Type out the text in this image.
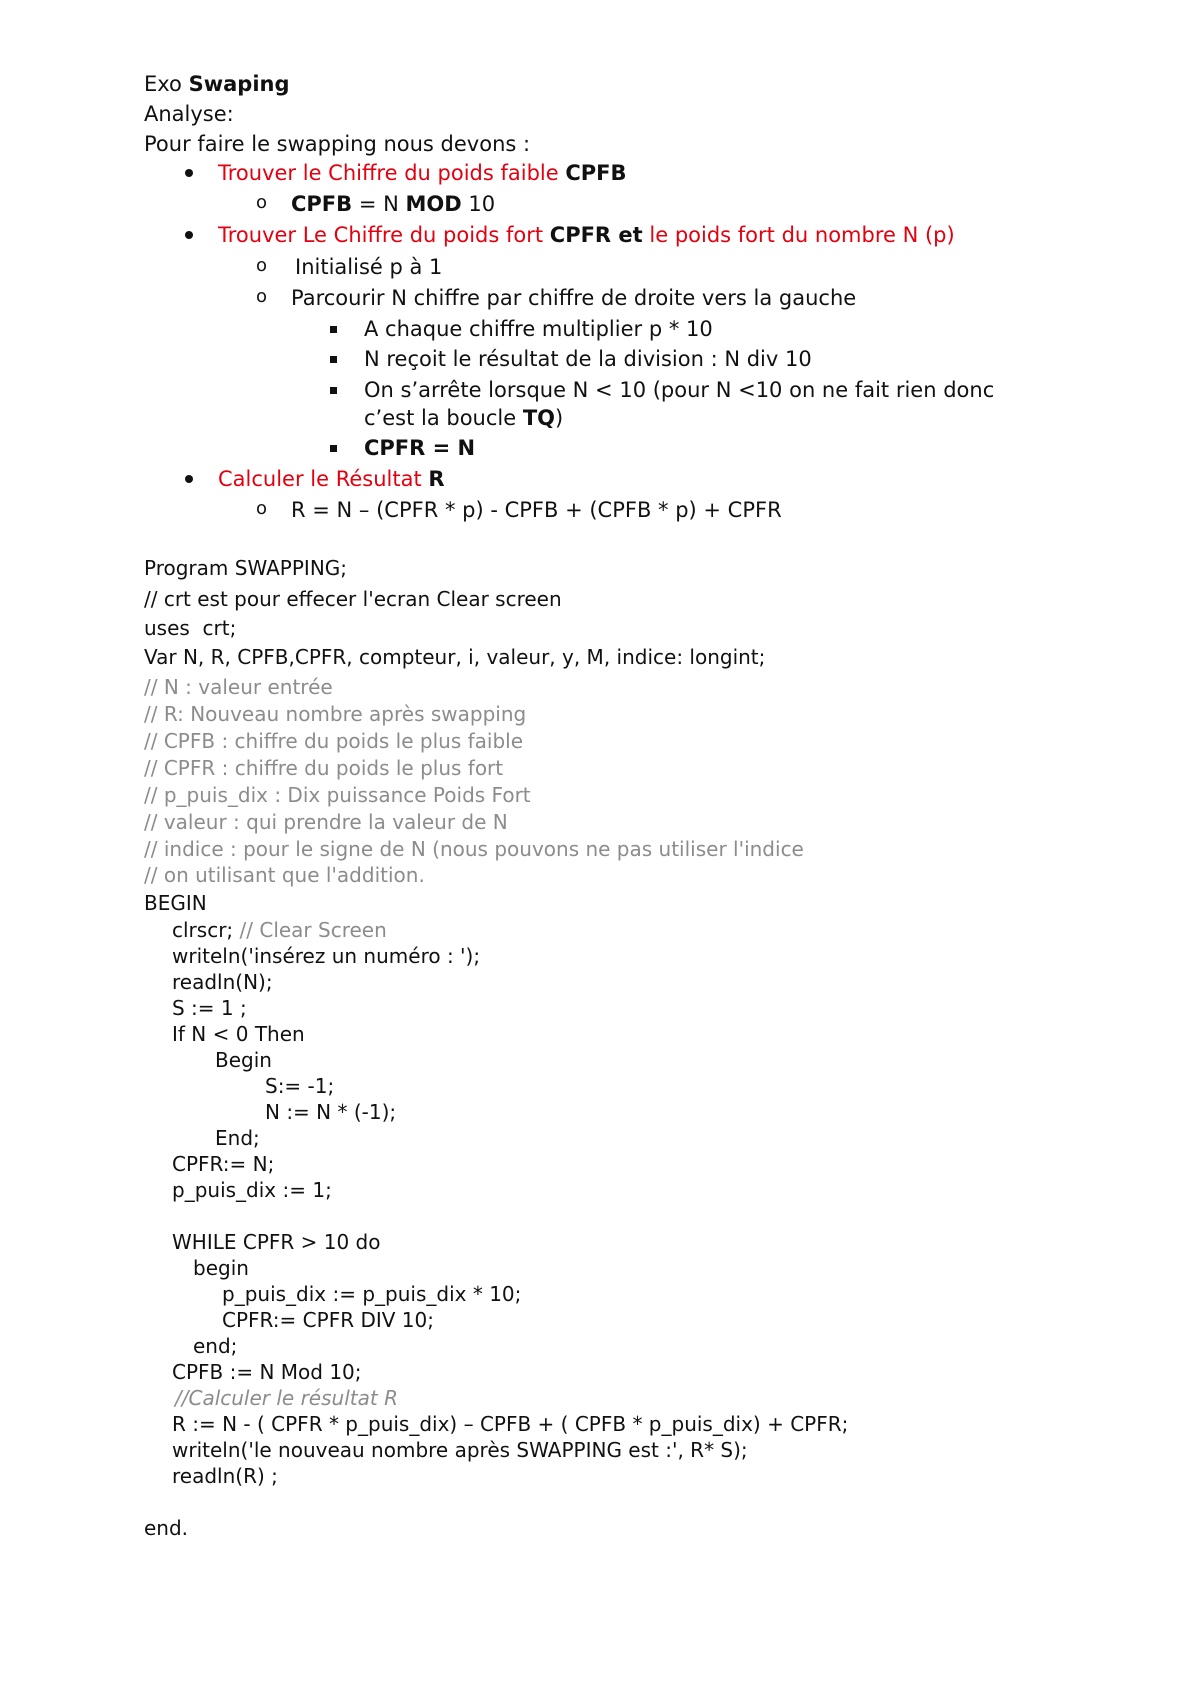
Exo Swaping
Analyse:
Pour faire le swapping nous devons :
Trouver le Chiffre du poids faible CPFB
o CPFB = N MOD 10
Trouver Le Chiffre du poids fort CPFR et le poids fort du nombre N (p)
o Initialisé p à 1
o Parcourir N chiffre par chiffre de droite vers la gauche
A chaque chiffre multiplier p * 10
N reçoit le résultat de la division : N div 10
On s’arrête lorsque N < 10 (pour N <10 on ne fait rien donc
c’est la boucle TQ)
CPFR = N
Calculer le Résultat R
o R = N – (CPFR * p) - CPFB + (CPFB * p) + CPFR
Program SWAPPING;
// crt est pour effecer l'ecran Clear screen
uses  crt;
Var N, R, CPFB,CPFR, compteur, i, valeur, y, M, indice: longint;
// N : valeur entrée
// R: Nouveau nombre après swapping
// CPFB : chiffre du poids le plus faible
// CPFR : chiffre du poids le plus fort
// p_puis_dix : Dix puissance Poids Fort
// valeur : qui prendre la valeur de N
// indice : pour le signe de N (nous pouvons ne pas utiliser l'indice
// on utilisant que l'addition.
BEGIN
clrscr; // Clear Screen
writeln('insérez un numéro : ');
readln(N);
S := 1 ;
If N < 0 Then
Begin
S:= -1;
N := N * (-1);
End;
CPFR:= N;
p_puis_dix := 1;
WHILE CPFR > 10 do
begin
p_puis_dix := p_puis_dix * 10;
CPFR:= CPFR DIV 10;
end;
CPFB := N Mod 10;
//Calculer le résultat R
R := N - ( CPFR * p_puis_dix) – CPFB + ( CPFB * p_puis_dix) + CPFR;
writeln('le nouveau nombre après SWAPPING est :', R* S);
readln(R) ;
end.
